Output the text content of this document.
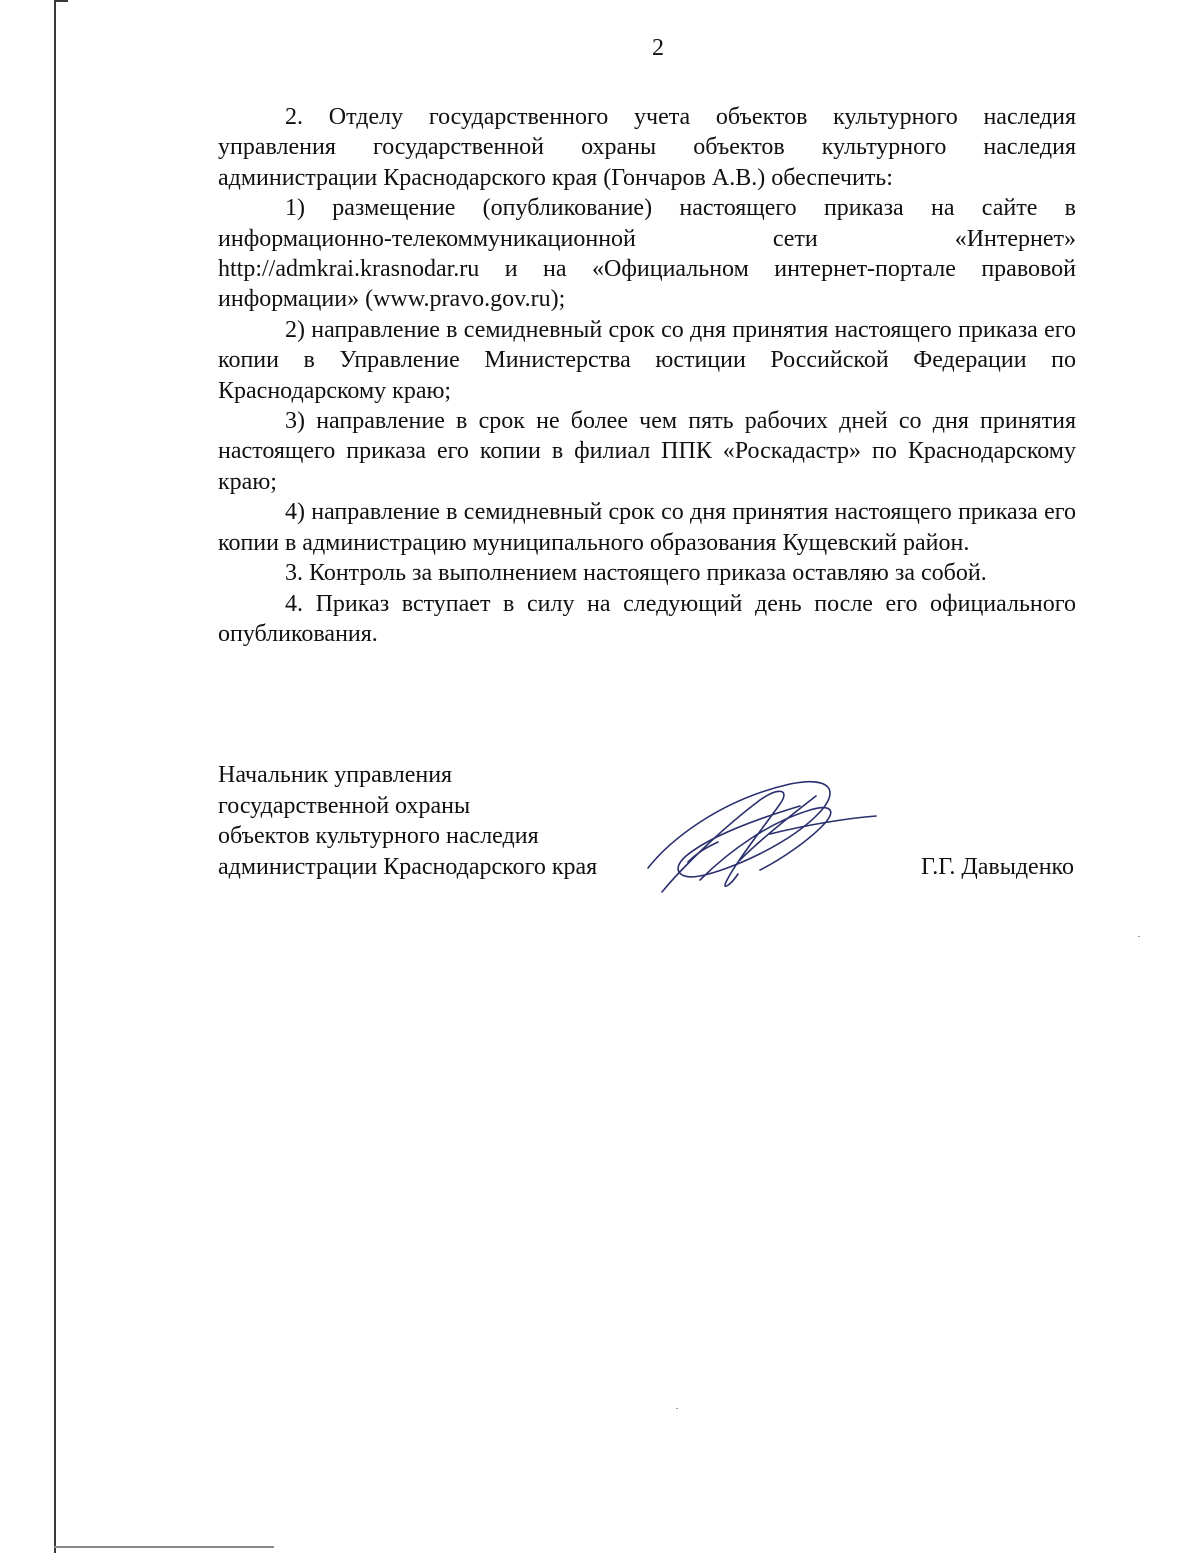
2

2. Отделу государственного учета объектов культурного наследия управления государственной охраны объектов культурного наследия администрации Краснодарского края (Гончаров А.В.) обеспечить:

1) размещение (опубликование) настоящего приказа на сайте в информационно-телекоммуникационной сети «Интернет» http://admkrai.krasnodar.ru и на «Официальном интернет-портале правовой информации» (www.pravo.gov.ru);

2) направление в семидневный срок со дня принятия настоящего приказа его копии в Управление Министерства юстиции Российской Федерации по Краснодарскому краю;

3) направление в срок не более чем пять рабочих дней со дня принятия настоящего приказа его копии в филиал ППК «Роскадастр» по Краснодарскому краю;

4) направление в семидневный срок со дня принятия настоящего приказа его копии в администрацию муниципального образования Кущевский район.

3. Контроль за выполнением настоящего приказа оставляю за собой.

4. Приказ вступает в силу на следующий день после его официального опубликования.

Начальник управления
государственной охраны
объектов культурного наследия
администрации Краснодарского края	Г.Г. Давыденко
